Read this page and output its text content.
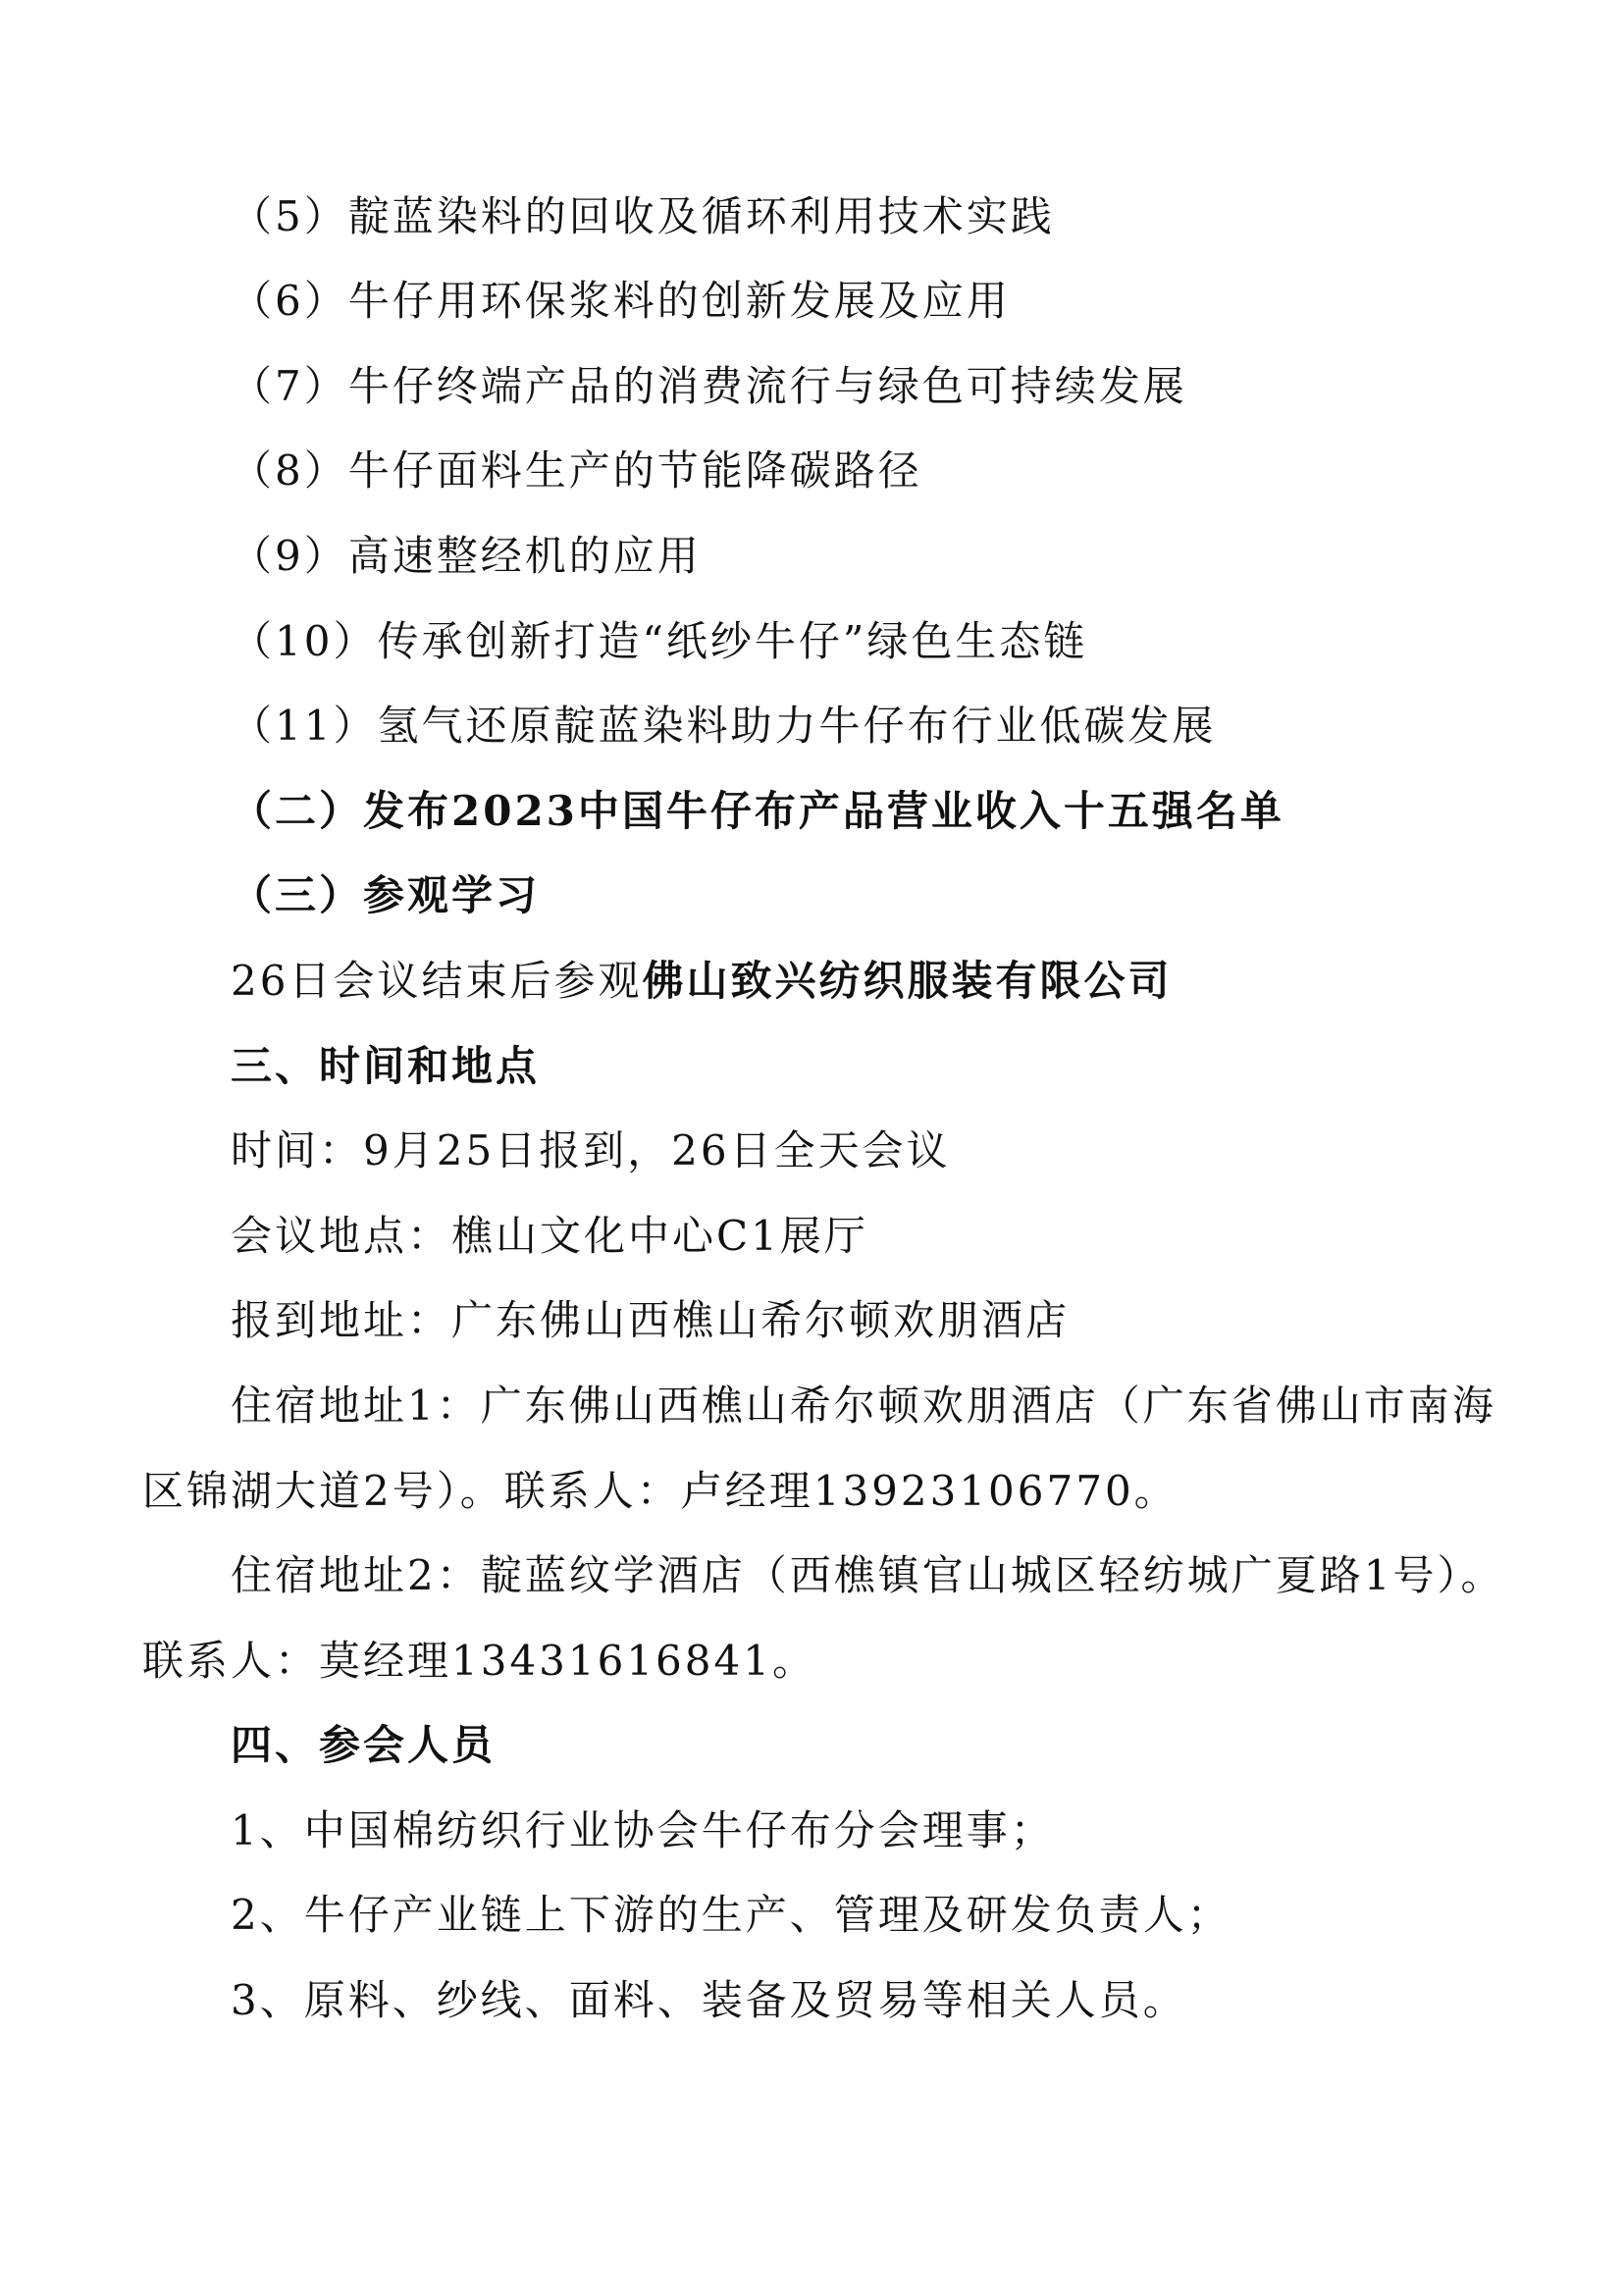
（5）靛蓝染料的回收及循环利用技术实践
（6）牛仔用环保浆料的创新发展及应用
（7）牛仔终端产品的消费流行与绿色可持续发展
（8）牛仔面料生产的节能降碳路径
（9）高速整经机的应用
（10）传承创新打造“纸纱牛仔”绿色生态链
（11）氢气还原靛蓝染料助力牛仔布行业低碳发展
（二）发布2023中国牛仔布产品营业收入十五强名单
（三）参观学习
26日会议结束后参观佛山致兴纺织服装有限公司
三、时间和地点
时间：9月25日报到，26日全天会议
会议地点：樵山文化中心C1展厅
报到地址：广东佛山西樵山希尔顿欢朋酒店
住宿地址1：广东佛山西樵山希尔顿欢朋酒店（广东省佛山市南海
区锦湖大道2号）。联系人：卢经理13923106770。
住宿地址2：靛蓝纹学酒店（西樵镇官山城区轻纺城广夏路1号）。
联系人：莫经理13431616841。
四、参会人员
1、中国棉纺织行业协会牛仔布分会理事；
2、牛仔产业链上下游的生产、管理及研发负责人；
3、原料、纱线、面料、装备及贸易等相关人员。
